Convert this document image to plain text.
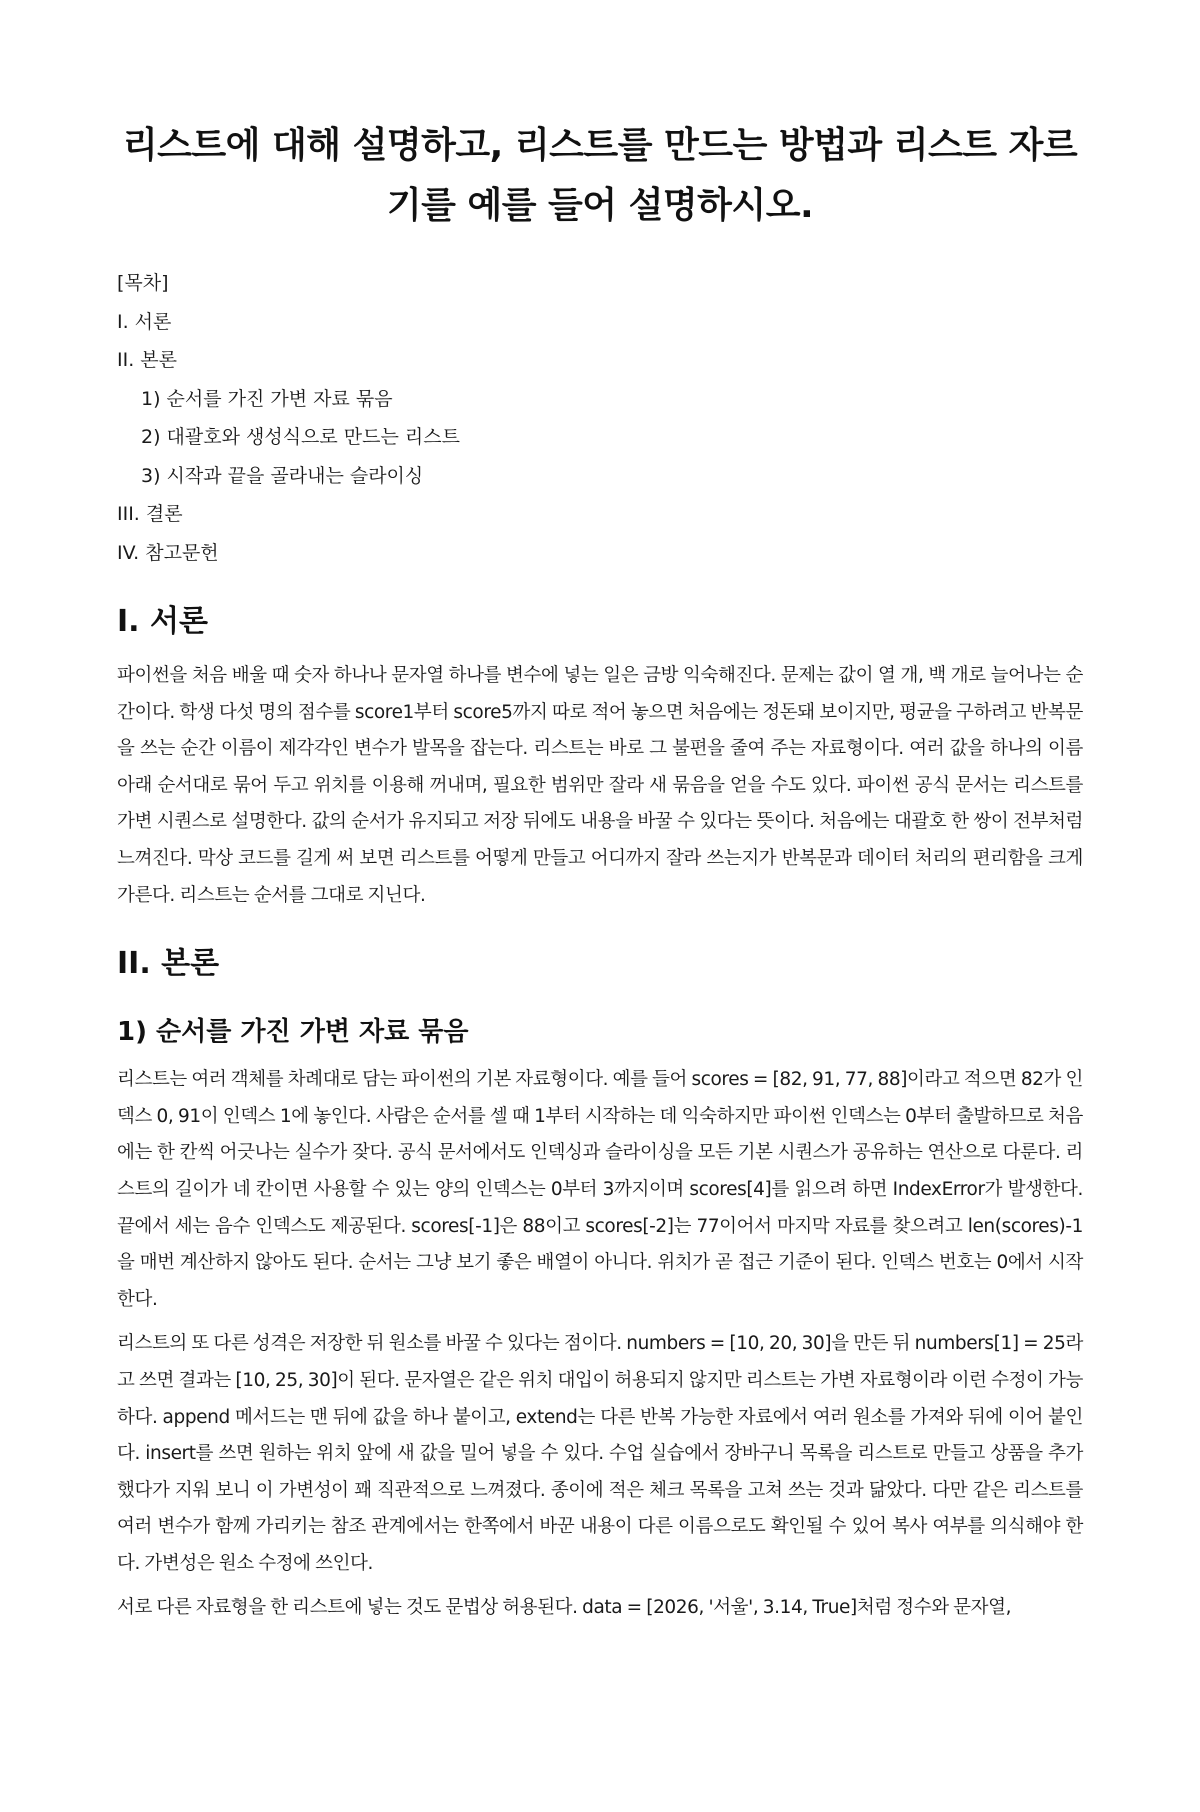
리스트에 대해 설명하고, 리스트를 만드는 방법과 리스트 자르기를 예를 들어 설명하시오.
[목차]
I. 서론
II. 본론
1) 순서를 가진 가변 자료 묶음
2) 대괄호와 생성식으로 만드는 리스트
3) 시작과 끝을 골라내는 슬라이싱
III. 결론
IV. 참고문헌
I. 서론

파이썬을 처음 배울 때 숫자 하나나 문자열 하나를 변수에 넣는 일은 금방 익숙해진다. 문제는 값이 열 개, 백 개로 늘어나는 순간이다. 학생 다섯 명의 점수를 score1부터 score5까지 따로 적어 놓으면 처음에는 정돈돼 보이지만, 평균을 구하려고 반복문을 쓰는 순간 이름이 제각각인 변수가 발목을 잡는다. 리스트는 바로 그 불편을 줄여 주는 자료형이다. 여러 값을 하나의 이름 아래 순서대로 묶어 두고 위치를 이용해 꺼내며, 필요한 범위만 잘라 새 묶음을 얻을 수도 있다. 파이썬 공식 문서는 리스트를 가변 시퀀스로 설명한다. 값의 순서가 유지되고 저장 뒤에도 내용을 바꿀 수 있다는 뜻이다. 처음에는 대괄호 한 쌍이 전부처럼 느껴진다. 막상 코드를 길게 써 보면 리스트를 어떻게 만들고 어디까지 잘라 쓰는지가 반복문과 데이터 처리의 편리함을 크게 가른다. 리스트는 순서를 그대로 지닌다.

II. 본론
1) 순서를 가진 가변 자료 묶음

리스트는 여러 객체를 차례대로 담는 파이썬의 기본 자료형이다. 예를 들어 scores = [82, 91, 77, 88]이라고 적으면 82가 인덱스 0, 91이 인덱스 1에 놓인다. 사람은 순서를 셀 때 1부터 시작하는 데 익숙하지만 파이썬 인덱스는 0부터 출발하므로 처음에는 한 칸씩 어긋나는 실수가 잦다. 공식 문서에서도 인덱싱과 슬라이싱을 모든 기본 시퀀스가 공유하는 연산으로 다룬다. 리스트의 길이가 네 칸이면 사용할 수 있는 양의 인덱스는 0부터 3까지이며 scores[4]를 읽으려 하면 IndexError가 발생한다. 끝에서 세는 음수 인덱스도 제공된다. scores[-1]은 88이고 scores[-2]는 77이어서 마지막 자료를 찾으려고 len(scores)-1을 매번 계산하지 않아도 된다. 순서는 그냥 보기 좋은 배열이 아니다. 위치가 곧 접근 기준이 된다. 인덱스 번호는 0에서 시작한다.

리스트의 또 다른 성격은 저장한 뒤 원소를 바꿀 수 있다는 점이다. numbers = [10, 20, 30]을 만든 뒤 numbers[1] = 25라고 쓰면 결과는 [10, 25, 30]이 된다. 문자열은 같은 위치 대입이 허용되지 않지만 리스트는 가변 자료형이라 이런 수정이 가능하다. append 메서드는 맨 뒤에 값을 하나 붙이고, extend는 다른 반복 가능한 자료에서 여러 원소를 가져와 뒤에 이어 붙인다. insert를 쓰면 원하는 위치 앞에 새 값을 밀어 넣을 수 있다. 수업 실습에서 장바구니 목록을 리스트로 만들고 상품을 추가했다가 지워 보니 이 가변성이 꽤 직관적으로 느껴졌다. 종이에 적은 체크 목록을 고쳐 쓰는 것과 닮았다. 다만 같은 리스트를 여러 변수가 함께 가리키는 참조 관계에서는 한쪽에서 바꾼 내용이 다른 이름으로도 확인될 수 있어 복사 여부를 의식해야 한다. 가변성은 원소 수정에 쓰인다.

서로 다른 자료형을 한 리스트에 넣는 것도 문법상 허용된다. data = [2026, '서울', 3.14, True]처럼 정수와 문자열,
